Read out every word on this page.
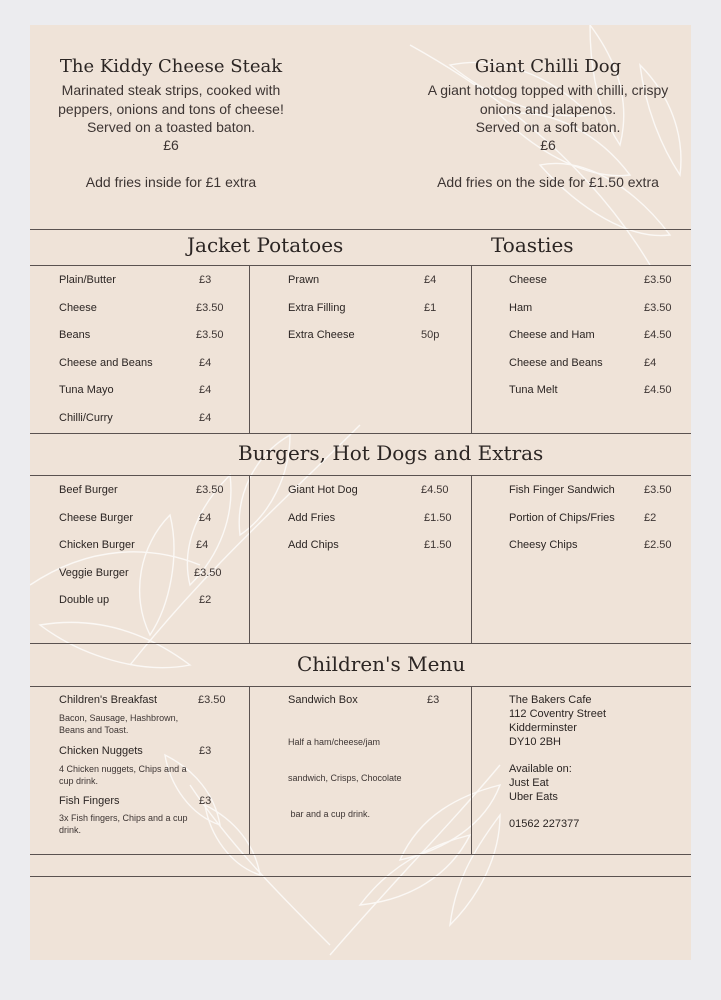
The Kiddy Cheese Steak
Marinated steak strips, cooked with
peppers, onions and tons of cheese!
Served on a toasted baton.
£6
Add fries inside for £1 extra
Giant Chilli Dog
A giant hotdog topped with chilli, crispy
onions and jalapenos.
Served on a soft baton.
£6
Add fries on the side for £1.50 extra
Jacket Potatoes	Toasties
Plain/Butter	£3
Cheese	£3.50
Beans	£3.50
Cheese and Beans	£4
Tuna Mayo	£4
Chilli/Curry	£4
Prawn	£4
Extra Filling	£1
Extra Cheese	50p
Cheese	£3.50
Ham	£3.50
Cheese and Ham	£4.50
Cheese and Beans	£4
Tuna Melt	£4.50
Burgers, Hot Dogs and Extras
Beef Burger	£3.50
Cheese Burger	£4
Chicken Burger	£4
Veggie Burger	£3.50
Double up	£2
Giant Hot Dog	£4.50
Add Fries	£1.50
Add Chips	£1.50
Fish Finger Sandwich	£3.50
Portion of Chips/Fries	£2
Cheesy Chips	£2.50
Children's Menu
Children's Breakfast	£3.50
Bacon, Sausage, Hashbrown,
Beans and Toast.
Chicken Nuggets	£3
4 Chicken nuggets, Chips and a
cup drink.
Fish Fingers	£3
3x Fish fingers, Chips and a cup
drink.
Sandwich Box	£3

Half a ham/cheese/jam

sandwich, Crisps, Chocolate

bar and a cup drink.

The Bakers Cafe
112 Coventry Street
Kidderminster
DY10 2BH
Available on:
Just Eat
Uber Eats
01562 227377
